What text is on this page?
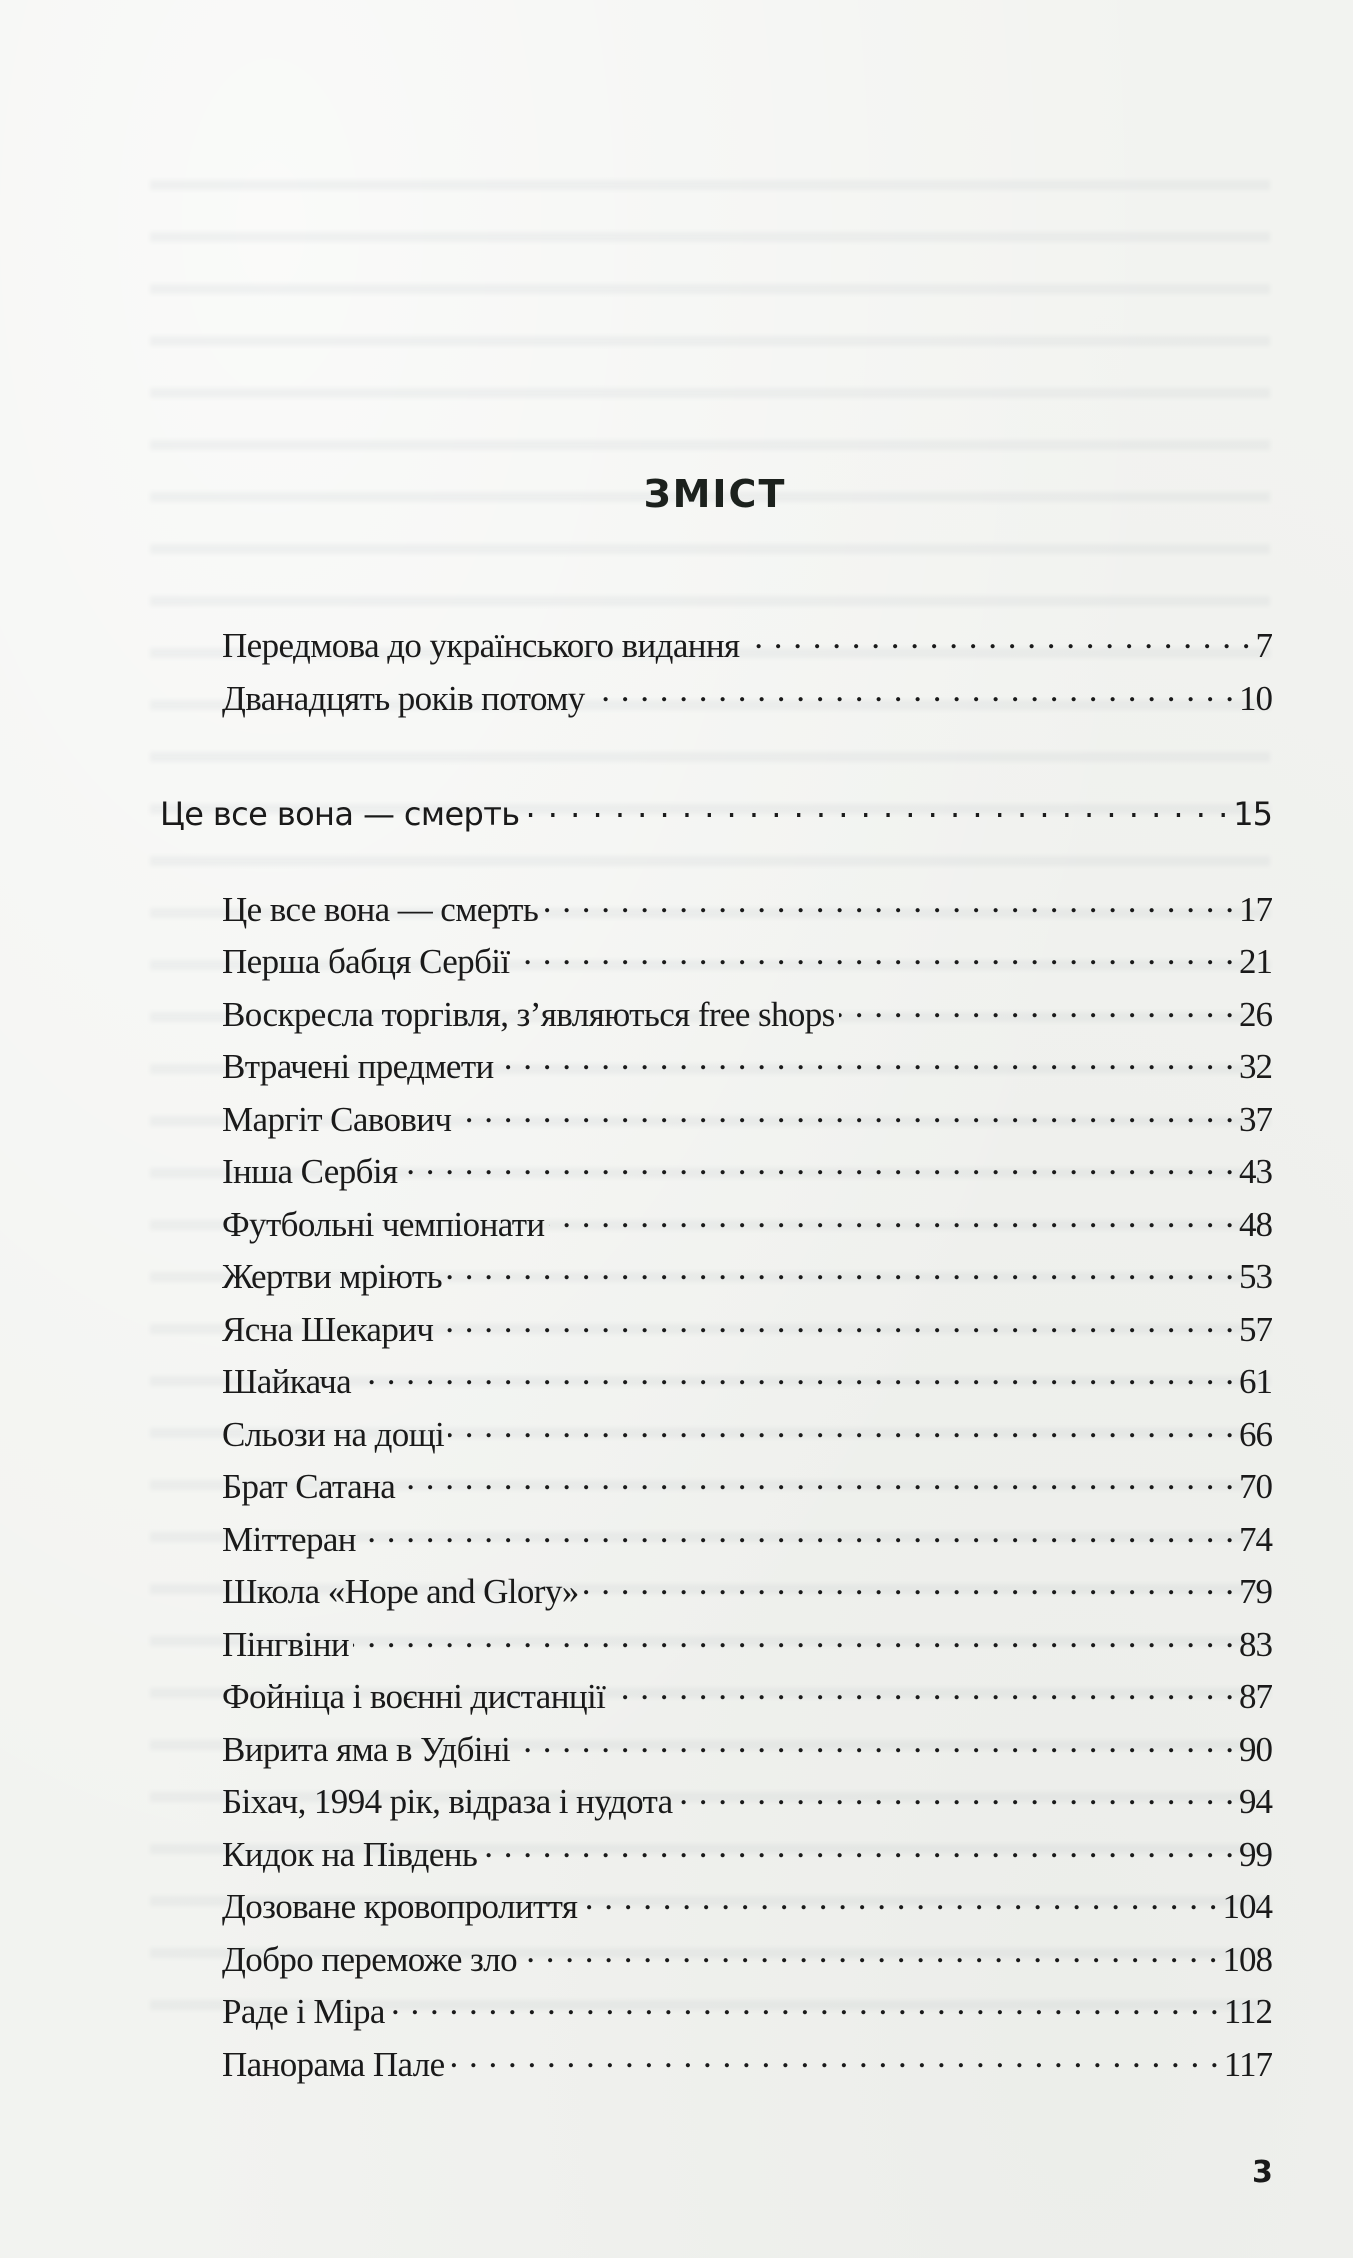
ЗМІСТ
Передмова до українського видання . . .	7
Дванадцять років потому . . .	10
Це все вона — смерть . . .	15
Це все вона — смерть . . .	17
Перша бабця Сербії . . .	21
Воскресла торгівля, з’являються free shops . . .	26
Втрачені предмети . . .	32
Маргіт Савович . . .	37
Інша Сербія . . .	43
Футбольні чемпіонати . . .	48
Жертви мріють . . .	53
Ясна Шекарич . . .	57
Шайкача . . .	61
Сльози на дощі . . .	66
Брат Сатана . . .	70
Міттеран . . .	74
Школа «Hope and Glory» . . .	79
Пінгвіни . . .	83
Фойніца і воєнні дистанції . . .	87
Вирита яма в Удбіні . . .	90
Біхач, 1994 рік, відраза і нудота . . .	94
Кидок на Південь . . .	99
Дозоване кровопролиття . . .	104
Добро переможе зло . . .	108
Раде і Міра . . .	112
Панорама Пале . . .	117
3
